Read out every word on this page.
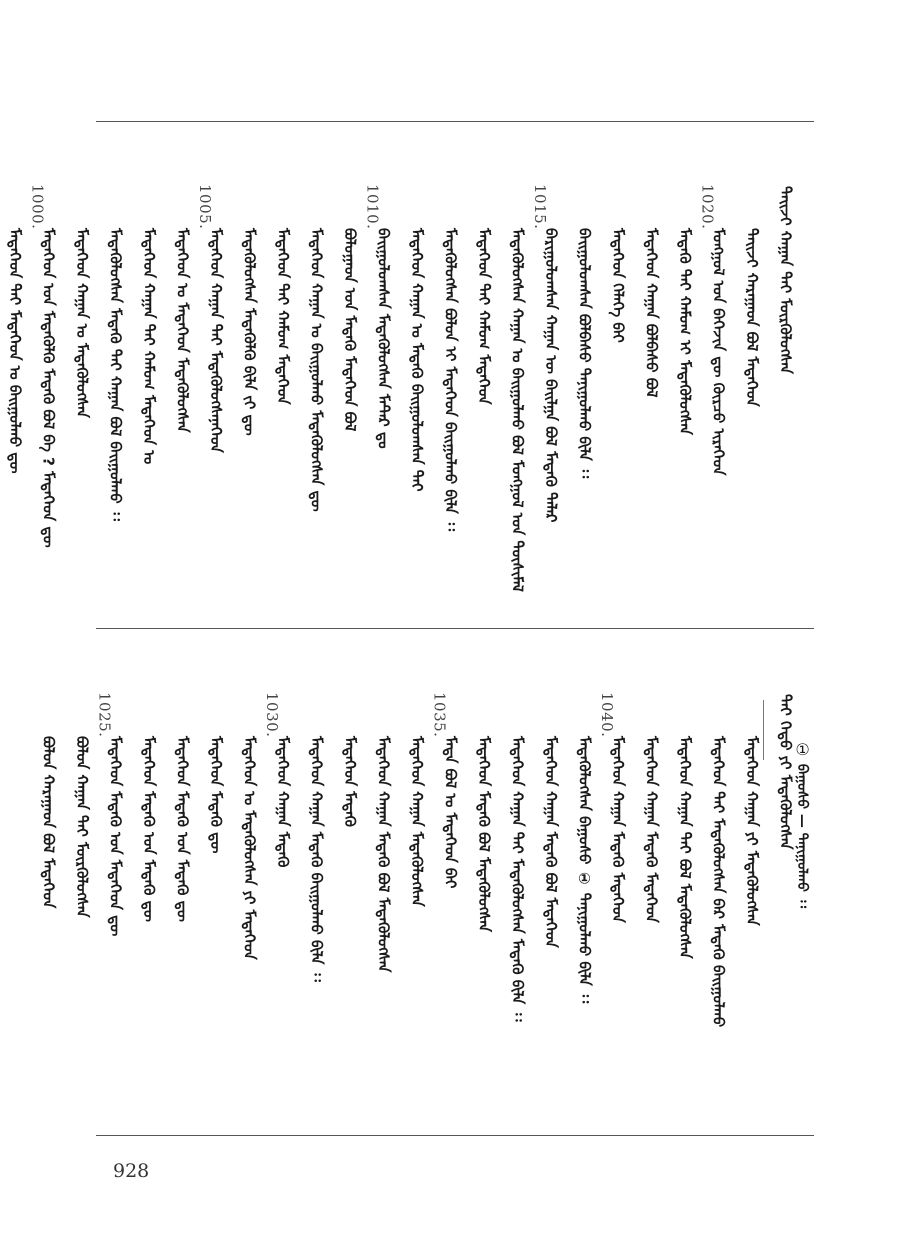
ᠲᠠᠢᠵᠢ ᠬᠠᠭᠠᠨ ᠲᠠᠢ ᠮᠦᠷᠭᠦᠯᠦᠭᠰᠡᠨ
ᠲᠠᠢᠵᠢ ᠬᠠᠷᠠᠭᠠᠳ ᠪᠤᠯ ᠮᠡᠳᠡᠭᠡᠳ
1020.
ᠮᠣᠩᠭᠣᠯ ᠤᠨ ᠪᠡᠭᠡᠵᠢᠨ ᠳᠦ ᠬᠦᠷᠴᠦ ᠢᠷᠡᠭᠡᠳ
ᠮᠡᠳᠡᠬᠦ ᠲᠠᠢ ᠬᠠᠮᠤᠭ ᠢ ᠮᠡᠳᠡᠭᠦᠯᠦᠭᠰᠡᠨ
ᠮᠡᠳᠡᠭᠡᠳ ᠬᠠᠭᠠᠨ ᠪᠣᠯᠪᠠᠰᠤ ᠪᠤᠯ
ᠮᠡᠳᠡᠭᠡᠳ ᠬᠡᠯᠡᠭᠡ ᠪᠠᠢ
ᠪᠠᠢᠭᠤᠯᠤᠭᠰᠠᠨ ᠪᠣᠯᠪᠠᠰᠤ ᠲᠠᠨᠢᠭᠤᠯᠬᠤ ᠪᠢᠯᠡ ᠄᠄
1015.
ᠪᠠᠷᠢᠭᠤᠯᠤᠭᠰᠠᠨ ᠬᠠᠭᠠᠨ ᠦ ᠪᠠᠢᠯᠭᠠ ᠪᠤᠯ ᠮᠡᠳᠡᠬᠦ ᠲᠠᠯᠠᠷ
ᠮᠡᠳᠡᠭᠦᠯᠦᠭᠰᠡᠨ ᠬᠠᠭᠠᠨ ᠤ ᠪᠠᠢᠭᠤᠯᠬᠤ ᠪᠤᠯ ᠮᠣᠩᠭᠣᠯ ᠤᠨ ᠲᠦᠰᠢᠮᠡᠯ
ᠮᠡᠳᠡᠭᠡᠳ ᠲᠠᠢ ᠬᠠᠮᠤᠭ ᠮᠡᠳᠡᠭᠡᠳ
ᠮᠡᠳᠡᠭᠦᠯᠦᠭᠰᠡᠨ ᠪᠣᠯᠤᠨ ᠢ ᠮᠡᠳᠡᠭᠡᠳ ᠪᠠᠢᠭᠤᠯᠬᠤ ᠪᠢᠯᠡ ᠄᠄
ᠮᠡᠳᠡᠭᠡᠳ ᠬᠠᠭᠠᠨ ᠤ ᠮᠡᠳᠡᠬᠦ ᠪᠠᠢᠭᠤᠯᠤᠭᠰᠠᠨ ᠲᠠᠢ
1010.
ᠪᠠᠢᠭᠤᠯᠤᠭᠰᠠᠨ ᠮᠡᠳᠡᠭᠦᠯᠦᠭᠰᠡᠨ ᠮᠠᠲ᠋ᠠᠷ ᠳᠤ
ᠪᠤᠯᠤᠭᠠᠳ ᠤᠨ ᠮᠡᠳᠡᠬᠦ ᠮᠡᠳᠡᠭᠡᠳ ᠪᠤᠯ
ᠮᠡᠳᠡᠭᠡᠳ ᠬᠠᠭᠠᠨ ᠤ ᠪᠠᠢᠭᠤᠯᠬᠤ ᠮᠡᠳᠡᠭᠦᠯᠦᠭᠰᠡᠨ ᠳᠦ
ᠮᠡᠳᠡᠭᠡᠳ ᠲᠠᠢ ᠬᠠᠮᠤᠭ ᠮᠡᠳᠡᠭᠡᠳ
ᠮᠡᠳᠡᠭᠦᠯᠦᠭᠰᠡᠨ ᠮᠡᠳᠡᠭᠦᠯᠬᠦ ᠪᠢᠯᠡ ᠶ᠋ᠢ ᠳᠦ
1005.
ᠮᠡᠳᠡᠭᠡᠳ ᠬᠠᠭᠠᠨ ᠲᠠᠢ ᠮᠡᠳᠡᠭᠦᠯᠦᠭᠰᠡᠨᠡᠭᠡᠳ
ᠮᠡᠳᠡᠭᠡᠳ ᠤ ᠮᠡᠳᠡᠭᠡᠳ ᠮᠡᠳᠡᠭᠦᠯᠦᠭᠰᠡᠨ
ᠮᠡᠳᠡᠭᠡᠳ ᠬᠠᠭᠠᠨ ᠲᠠᠢ ᠬᠠᠮᠤᠭ ᠮᠡᠳᠡᠭᠡᠳ ᠤ
ᠮᠡᠳᠡᠭᠦᠯᠦᠭᠰᠡᠨ ᠮᠡᠳᠡᠬᠦ ᠲᠠᠢ ᠬᠠᠭᠠᠨ ᠪᠤᠯ ᠪᠠᠢᠭᠤᠯᠬᠤ ᠄᠄
ᠮᠡᠳᠡᠭᠡᠳ ᠬᠠᠭᠠᠨ ᠤ ᠮᠡᠳᠡᠭᠦᠯᠦᠭᠰᠡᠨ
1000.
ᠮᠡᠳᠡᠭᠡᠳ ᠤᠨ ᠮᠡᠳᠡᠭᠦᠯᠬᠦ ᠮᠡᠳᠡᠬᠦ ᠪᠤᠯ ᠪᠠ ? ᠮᠡᠳᠡᠭᠡᠳ ᠳᠦ
ᠮᠡᠳᠡᠭᠡᠳ ᠲᠠᠢ ᠮᠡᠳᠡᠭᠡᠳ ᠤ ᠪᠠᠢᠭᠤᠯᠬᠤ ᠳᠦ
ᠲᠠᠢ ᠬᠡᠳᠦ ᠶᠢ ᠮᠡᠳᠡᠭᠦᠯᠦᠭᠰᠡᠨ
ᠮᠡᠳᠡᠭᠡᠳ ᠬᠠᠭᠠᠨ ᠶᠢ ᠮᠡᠳᠡᠭᠦᠯᠦᠭᠰᠡᠨ
ᠮᠡᠳᠡᠭᠡᠳ ᠲᠠᠢ ᠮᠡᠳᠡᠭᠦᠯᠦᠭᠰᠡᠨ ᠪᠡᠷ ᠮᠡᠳᠡᠬᠦ ᠪᠠᠢᠭᠤᠯᠬᠤ
ᠮᠡᠳᠡᠭᠡᠳ ᠬᠠᠭᠠᠨ ᠲᠠᠢ ᠪᠤᠯ ᠮᠡᠳᠡᠭᠦᠯᠦᠭᠰᠡᠨ
ᠮᠡᠳᠡᠭᠡᠳ ᠬᠠᠭᠠᠨ ᠮᠡᠳᠡᠬᠦ ᠮᠡᠳᠡᠭᠡᠳ
1040.
ᠮᠡᠳᠡᠭᠡᠳ ᠬᠠᠭᠠᠨ ᠮᠡᠳᠡᠬᠦ ᠮᠡᠳᠡᠭᠡᠳ
ᠮᠡᠳᠡᠭᠦᠯᠦᠭᠰᠡᠨ ᠪᠠᠭᠤᠰᠤ ① ᠲᠠᠨᠢᠭᠤᠯᠬᠤ ᠪᠢᠯᠡ ᠄᠄
ᠮᠡᠳᠡᠭᠡᠳ ᠬᠠᠭᠠᠨ ᠮᠡᠳᠡᠬᠦ ᠪᠤᠯ ᠮᠡᠳᠡᠭᠡᠳ
ᠮᠡᠳᠡᠭᠡᠳ ᠬᠠᠭᠠᠨ ᠲᠠᠢ ᠮᠡᠳᠡᠭᠦᠯᠦᠭᠰᠡᠨ ᠮᠡᠳᠡᠬᠦ ᠪᠢᠯᠡ ᠄᠄
ᠮᠡᠳᠡᠭᠡᠳ ᠮᠡᠳᠡᠬᠦ ᠪᠤᠯ ᠮᠡᠳᠡᠭᠦᠯᠦᠭᠰᠡᠨ
1035.
ᠮᠡᠳᠡ ᠪᠤᠯ ᠤ ᠮᠡᠳᠡᠭᠡᠳ ᠪᠠᠢ
ᠮᠡᠳᠡᠭᠡᠳ ᠬᠠᠭᠠᠨ ᠮᠡᠳᠡᠭᠦᠯᠦᠭᠰᠡᠨ
ᠮᠡᠳᠡᠭᠡᠳ ᠬᠠᠭᠠᠨ ᠮᠡᠳᠡᠬᠦ ᠪᠤᠯ ᠮᠡᠳᠡᠭᠦᠯᠦᠭᠰᠡᠨ
ᠮᠡᠳᠡᠭᠡᠳ ᠮᠡᠳᠡᠬᠦ
ᠮᠡᠳᠡᠭᠡᠳ ᠬᠠᠭᠠᠨ ᠮᠡᠳᠡᠬᠦ ᠪᠠᠢᠭᠤᠯᠬᠤ ᠪᠢᠯᠡ ᠄᠄
1030.
ᠮᠡᠳᠡᠭᠡᠳ ᠬᠠᠭᠠᠨ ᠮᠡᠳᠡᠬᠦ
ᠮᠡᠳᠡᠭᠡᠳ ᠤ ᠮᠡᠳᠡᠭᠦᠯᠦᠭᠰᠡᠨ ᠶᠢ ᠮᠡᠳᠡᠭᠡᠳ
ᠮᠡᠳᠡᠭᠡᠳ ᠮᠡᠳᠡᠬᠦ ᠳᠦ
ᠮᠡᠳᠡᠭᠡᠳ ᠮᠡᠳᠡᠬᠦ ᠤᠨ ᠮᠡᠳᠡᠬᠦ ᠳᠦ
ᠮᠡᠳᠡᠭᠡᠳ ᠮᠡᠳᠡᠬᠦ ᠤᠨ ᠮᠡᠳᠡᠬᠦ ᠳᠦ
1025.
ᠮᠡᠳᠡᠭᠡᠳ ᠮᠡᠳᠡᠬᠦ ᠤᠨ ᠮᠡᠳᠡᠭᠡᠳ ᠳᠦ
ᠪᠣᠯᠤᠨ ᠬᠠᠭᠠᠨ ᠲᠠᠢ ᠮᠦᠷᠭᠦᠯᠦᠭᠰᠡᠨ
ᠪᠣᠯᠤᠨ ᠬᠠᠷᠠᠭᠠᠳ ᠪᠤᠯ ᠮᠡᠳᠡᠭᠡᠳ	① ᠪᠠᠭᠤᠰᠤ — ᠲᠠᠨᠢᠭᠤᠯᠬᠤ ᠄᠄
928
